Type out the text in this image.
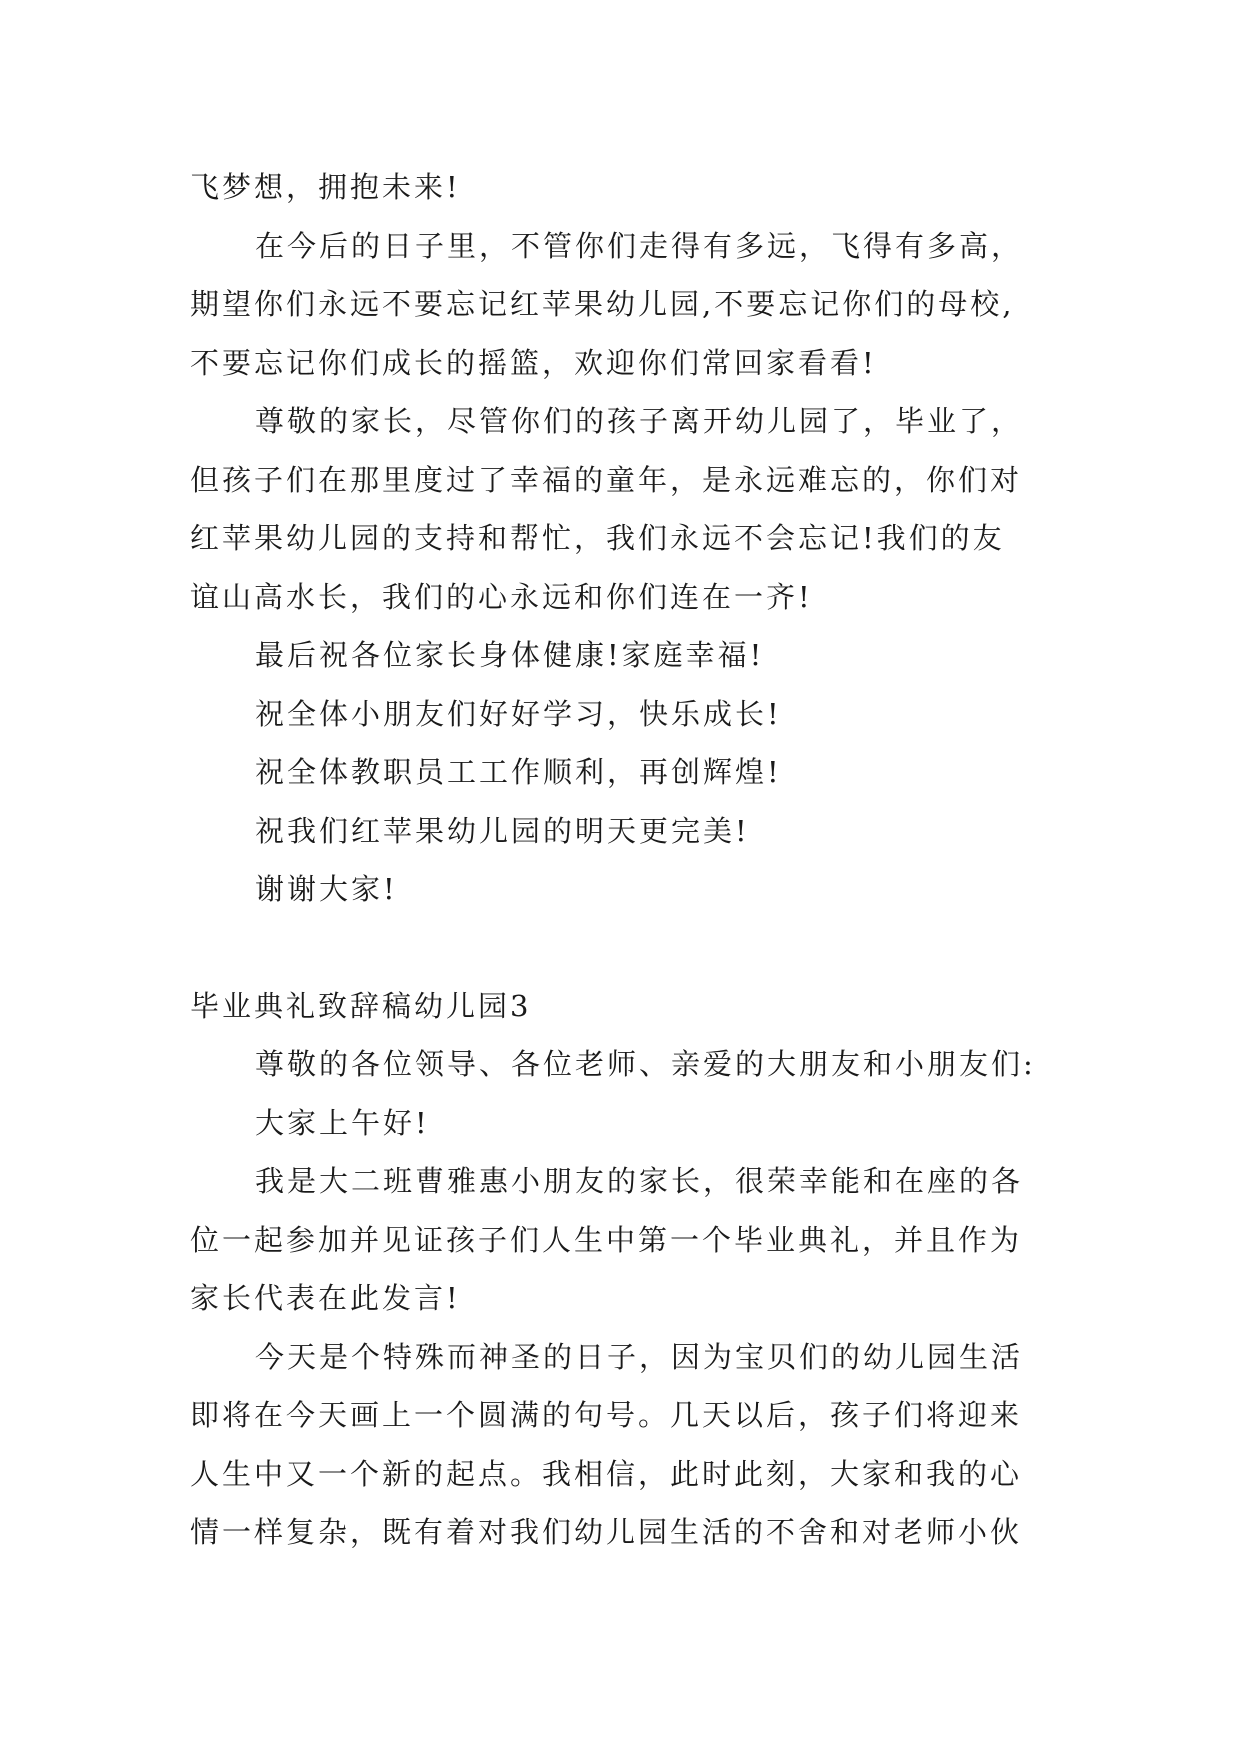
飞梦想，拥抱未来!
在今后的日子里，不管你们走得有多远，飞得有多高，
期望你们永远不要忘记红苹果幼儿园,不要忘记你们的母校,
不要忘记你们成长的摇篮，欢迎你们常回家看看!
尊敬的家长，尽管你们的孩子离开幼儿园了，毕业了，
但孩子们在那里度过了幸福的童年，是永远难忘的，你们对
红苹果幼儿园的支持和帮忙，我们永远不会忘记!我们的友
谊山高水长，我们的心永远和你们连在一齐!
最后祝各位家长身体健康!家庭幸福!
祝全体小朋友们好好学习，快乐成长!
祝全体教职员工工作顺利，再创辉煌!
祝我们红苹果幼儿园的明天更完美!
谢谢大家!
毕业典礼致辞稿幼儿园3
尊敬的各位领导、各位老师、亲爱的大朋友和小朋友们:
大家上午好!
我是大二班曹雅惠小朋友的家长，很荣幸能和在座的各
位一起参加并见证孩子们人生中第一个毕业典礼，并且作为
家长代表在此发言!
今天是个特殊而神圣的日子，因为宝贝们的幼儿园生活
即将在今天画上一个圆满的句号。几天以后，孩子们将迎来
人生中又一个新的起点。我相信，此时此刻，大家和我的心
情一样复杂，既有着对我们幼儿园生活的不舍和对老师小伙
